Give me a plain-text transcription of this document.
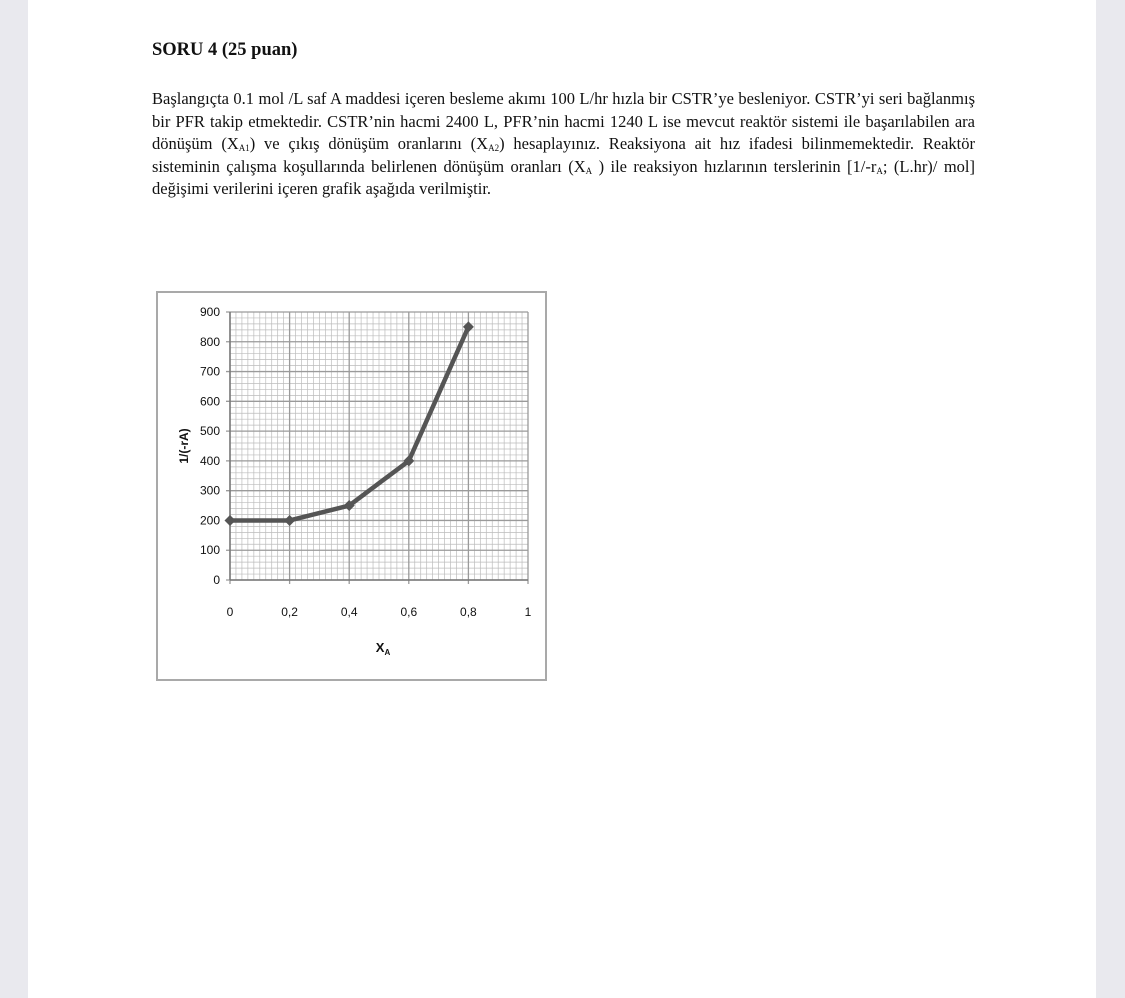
SORU 4 (25 puan)
Başlangıçta 0.1 mol /L saf A maddesi içeren besleme akımı 100 L/hr hızla bir CSTR’ye besleniyor. CSTR’yi seri bağlanmış bir PFR takip etmektedir. CSTR’nin hacmi 2400 L, PFR’nin hacmi 1240 L ise mevcut reaktör sistemi ile başarılabilen ara dönüşüm $(X_{A1})$ ve çıkış dönüşüm oranlarını $(X_{A2})$ hesaplayınız. Reaksiyona ait hız ifadesi bilinmemektedir. Reaktör sisteminin çalışma koşullarında belirlenen dönüşüm oranları ($X_A$ ) ile reaksiyon hızlarının terslerinin [$1/-r_A$; (L.hr)/ mol] değişimi verilerini içeren grafik aşağıda verilmiştir.
0
100
200
300
400
500
600
700
800
900
0	0,2	0,4	0,6	0,8	1
1/(-rA)
$X_A$
